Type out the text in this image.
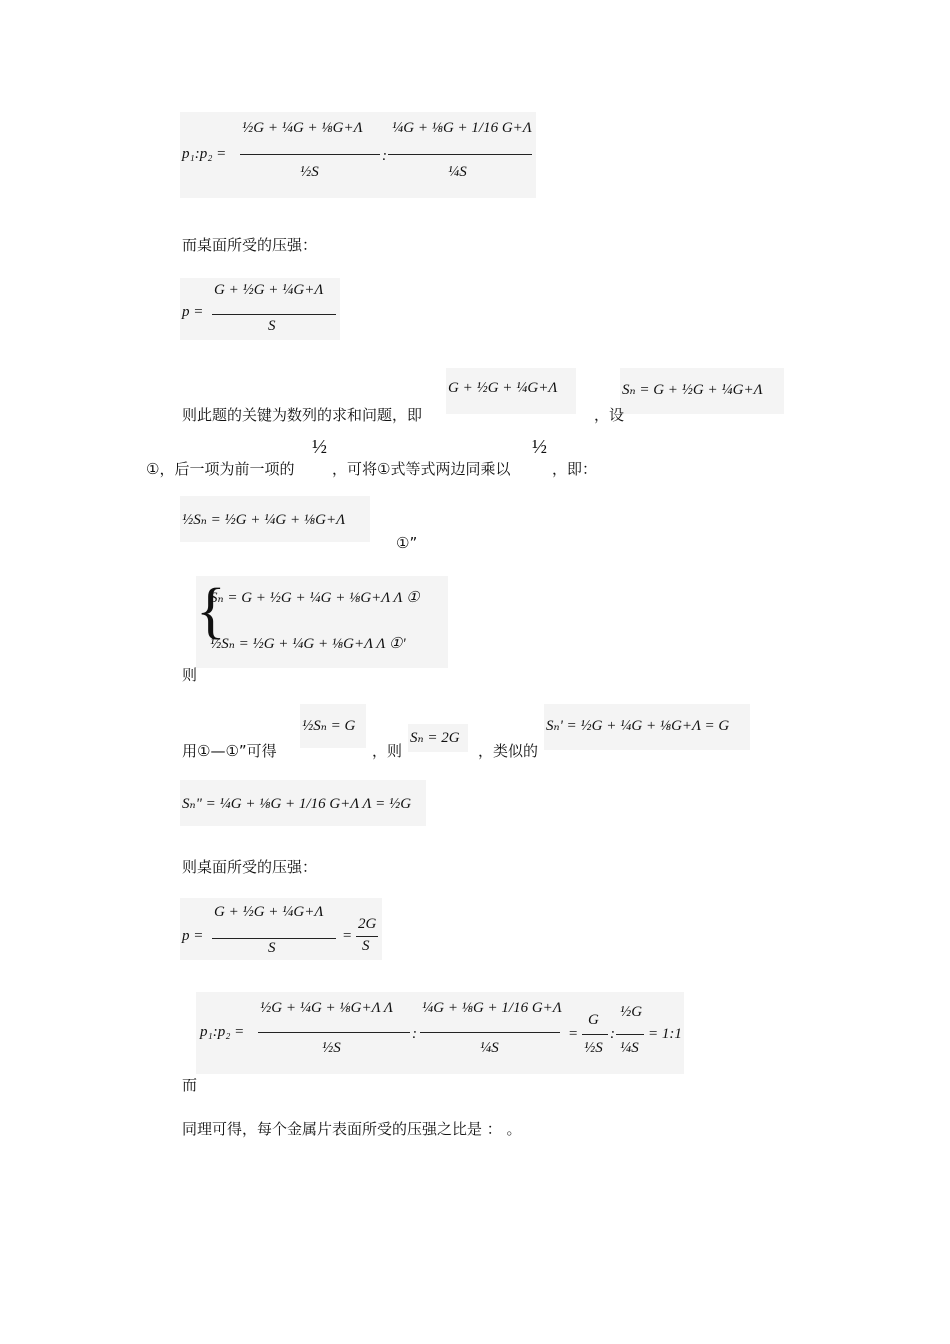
p₁:p₂ =
½G + ¼G + ⅛G+Λ
½S
:
¼G + ⅛G + 1/16 G+Λ
¼S
而桌面所受的压强：
p =
G + ½G + ¼G+Λ
S
G + ½G + ¼G+Λ	Sₙ = G + ½G + ¼G+Λ
则此题的关键为数列的求和问题，即	，设
½	½
①，后一项为前一项的	，可将①式等式两边同乘以	，即：
½Sₙ = ½G + ¼G + ⅛G+Λ
①”
{
Sₙ = G + ½G + ¼G + ⅛G+Λ Λ ①
½Sₙ = ½G + ¼G + ⅛G+Λ Λ ①'
则
½Sₙ = G
Sₙ = 2G
Sₙ' = ½G + ¼G + ⅛G+Λ = G
用①—①”可得	，则	，类似的
Sₙ" = ¼G + ⅛G + 1/16 G+Λ Λ = ½G
则桌面所受的压强：
p =
G + ½G + ¼G+Λ
S
=
2G
S
p₁:p₂ =
½G + ¼G + ⅛G+Λ Λ
½S
:
¼G + ⅛G + 1/16 G+Λ
¼S
=
G
½S
:
½G
¼S
= 1:1
而
同理可得，每个金属片表面所受的压强之比是 ： 。
